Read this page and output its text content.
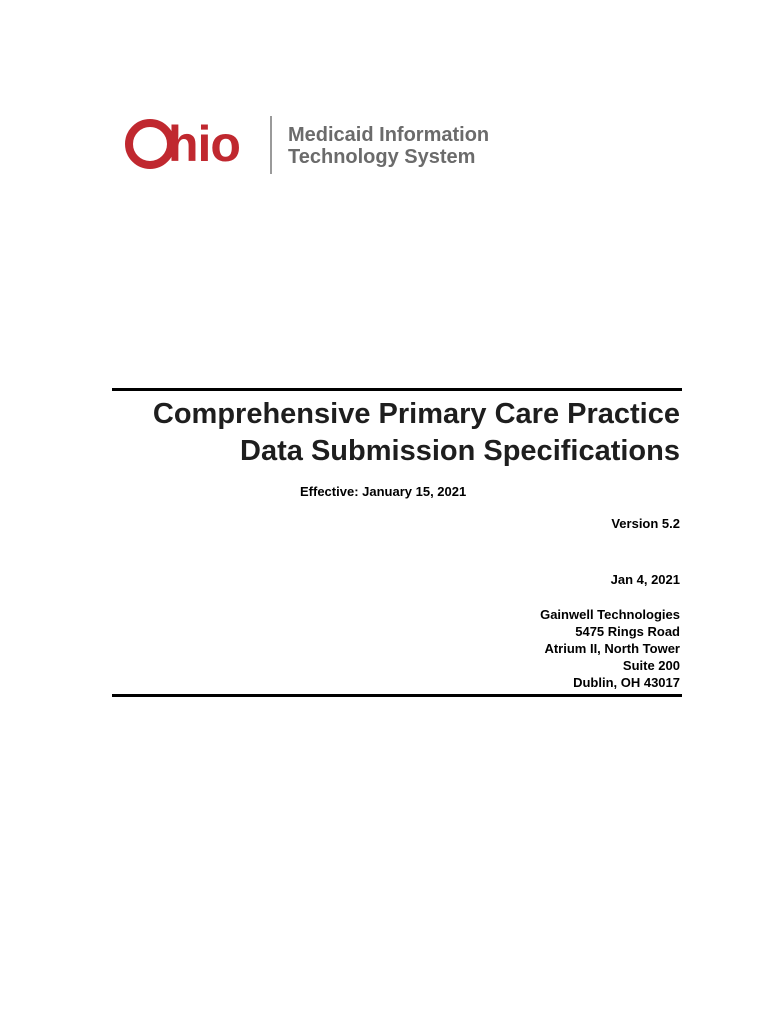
hio Medicaid Information
Technology System
Comprehensive Primary Care Practice
Data Submission Specifications
Effective: January 15, 2021
Version 5.2
Jan 4, 2021
Gainwell Technologies
5475 Rings Road
Atrium II, North Tower
Suite 200
Dublin, OH 43017
